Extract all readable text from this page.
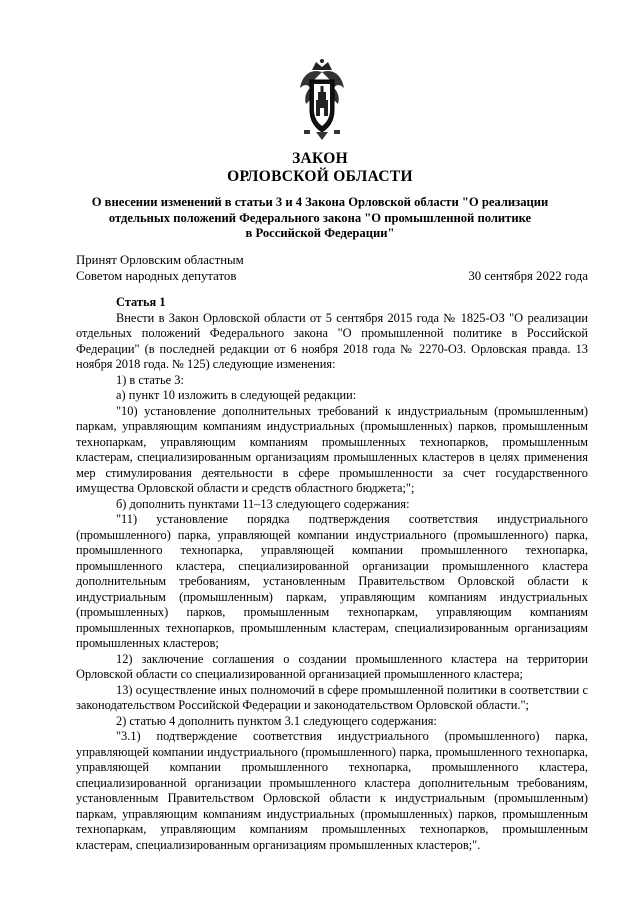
ЗАКОН
ОРЛОВСКОЙ ОБЛАСТИ
О внесении изменений в статьи 3 и 4 Закона Орловской области "О реализации
отдельных положений Федерального закона "О промышленной политике
в Российской Федерации"
Принят Орловским областным
Советом народных депутатов	30 сентября 2022 года

Статья 1

Внести в Закон Орловской области от 5 сентября 2015 года № 1825-ОЗ "О реализации отдельных положений Федерального закона "О промышленной политике в Российской Федерации" (в последней редакции от 6 ноября 2018 года № 2270-ОЗ. Орловская правда. 13 ноября 2018 года. № 125) следующие изменения:

1) в статье 3:

а) пункт 10 изложить в следующей редакции:

"10) установление дополнительных требований к индустриальным (промышленным) паркам, управляющим компаниям индустриальных (промышленных) парков, промышленным технопаркам, управляющим компаниям промышленных технопарков, промышленным кластерам, специализированным организациям промышленных кластеров в целях применения мер стимулирования деятельности в сфере промышленности за счет государственного имущества Орловской области и средств областного бюджета;";

б) дополнить пунктами 11–13 следующего содержания:

"11) установление порядка подтверждения соответствия индустриального (промышленного) парка, управляющей компании индустриального (промышленного) парка, промышленного технопарка, управляющей компании промышленного технопарка, промышленного кластера, специализированной организации промышленного кластера дополнительным требованиям, установленным Правительством Орловской области к индустриальным (промышленным) паркам, управляющим компаниям индустриальных (промышленных) парков, промышленным технопаркам, управляющим компаниям промышленных технопарков, промышленным кластерам, специализированным организациям промышленных кластеров;

12) заключение соглашения о создании промышленного кластера на территории Орловской области со специализированной организацией промышленного кластера;

13) осуществление иных полномочий в сфере промышленной политики в соответствии с законодательством Российской Федерации и законодательством Орловской области.";

2) статью 4 дополнить пунктом 3.1 следующего содержания:

"3.1) подтверждение соответствия индустриального (промышленного) парка, управляющей компании индустриального (промышленного) парка, промышленного технопарка, управляющей компании промышленного технопарка, промышленного кластера, специализированной организации промышленного кластера дополнительным требованиям, установленным Правительством Орловской области к индустриальным (промышленным) паркам, управляющим компаниям индустриальных (промышленных) парков, промышленным технопаркам, управляющим компаниям промышленных технопарков, промышленным кластерам, специализированным организациям промышленных кластеров;".
